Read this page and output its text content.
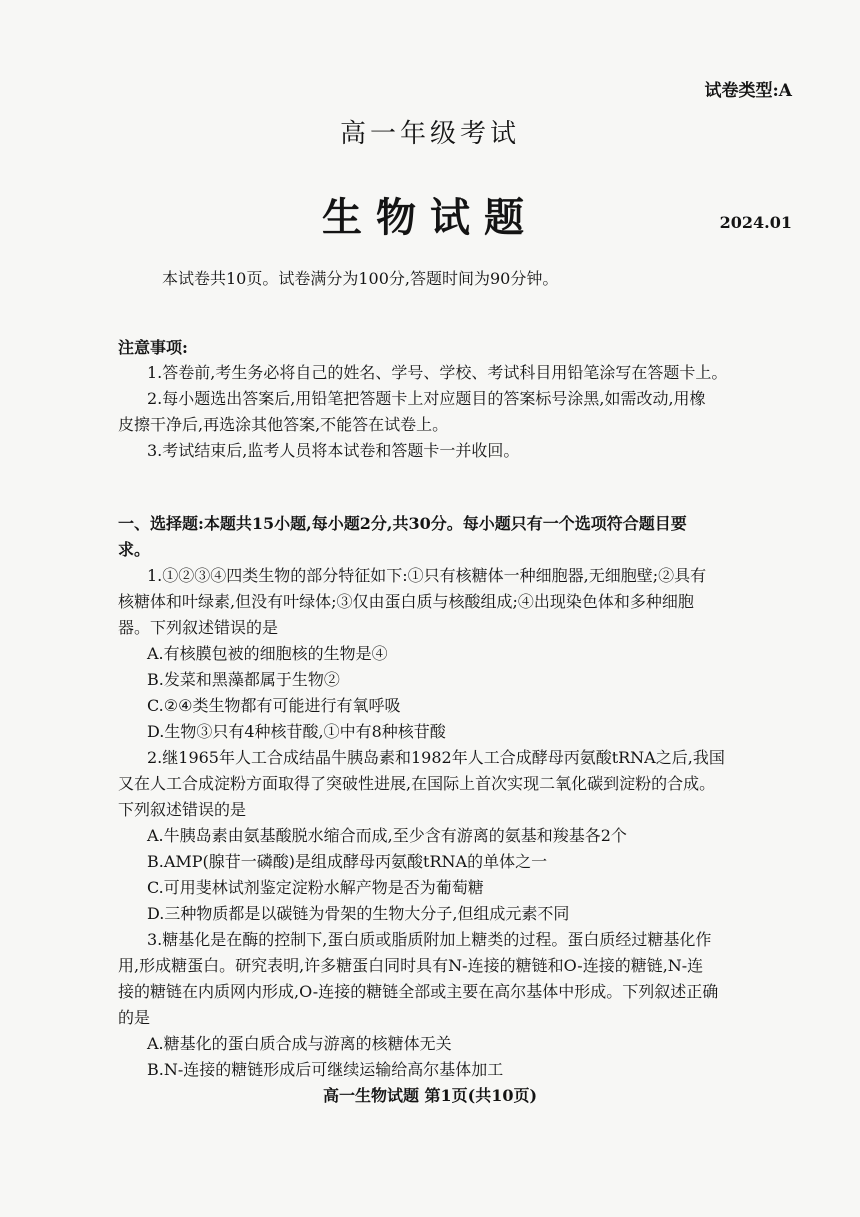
试卷类型:A
高一年级考试
生物试题	2024.01
本试卷共10页。试卷满分为100分,答题时间为90分钟。
注意事项:
1.答卷前,考生务必将自己的姓名、学号、学校、考试科目用铅笔涂写在答题卡上。
2.每小题选出答案后,用铅笔把答题卡上对应题目的答案标号涂黑,如需改动,用橡
皮擦干净后,再选涂其他答案,不能答在试卷上。
3.考试结束后,监考人员将本试卷和答题卡一并收回。
一、选择题:本题共15小题,每小题2分,共30分。每小题只有一个选项符合题目要
求。
1.①②③④四类生物的部分特征如下:①只有核糖体一种细胞器,无细胞壁;②具有
核糖体和叶绿素,但没有叶绿体;③仅由蛋白质与核酸组成;④出现染色体和多种细胞
器。下列叙述错误的是
A.有核膜包被的细胞核的生物是④
B.发菜和黑藻都属于生物②
C.②④类生物都有可能进行有氧呼吸
D.生物③只有4种核苷酸,①中有8种核苷酸
2.继1965年人工合成结晶牛胰岛素和1982年人工合成酵母丙氨酸tRNA之后,我国
又在人工合成淀粉方面取得了突破性进展,在国际上首次实现二氧化碳到淀粉的合成。
下列叙述错误的是
A.牛胰岛素由氨基酸脱水缩合而成,至少含有游离的氨基和羧基各2个
B.AMP(腺苷一磷酸)是组成酵母丙氨酸tRNA的单体之一
C.可用斐林试剂鉴定淀粉水解产物是否为葡萄糖
D.三种物质都是以碳链为骨架的生物大分子,但组成元素不同
3.糖基化是在酶的控制下,蛋白质或脂质附加上糖类的过程。蛋白质经过糖基化作
用,形成糖蛋白。研究表明,许多糖蛋白同时具有N-连接的糖链和O-连接的糖链,N-连
接的糖链在内质网内形成,O-连接的糖链全部或主要在高尔基体中形成。下列叙述正确
的是
A.糖基化的蛋白质合成与游离的核糖体无关
B.N-连接的糖链形成后可继续运输给高尔基体加工
高一生物试题 第1页(共10页)
